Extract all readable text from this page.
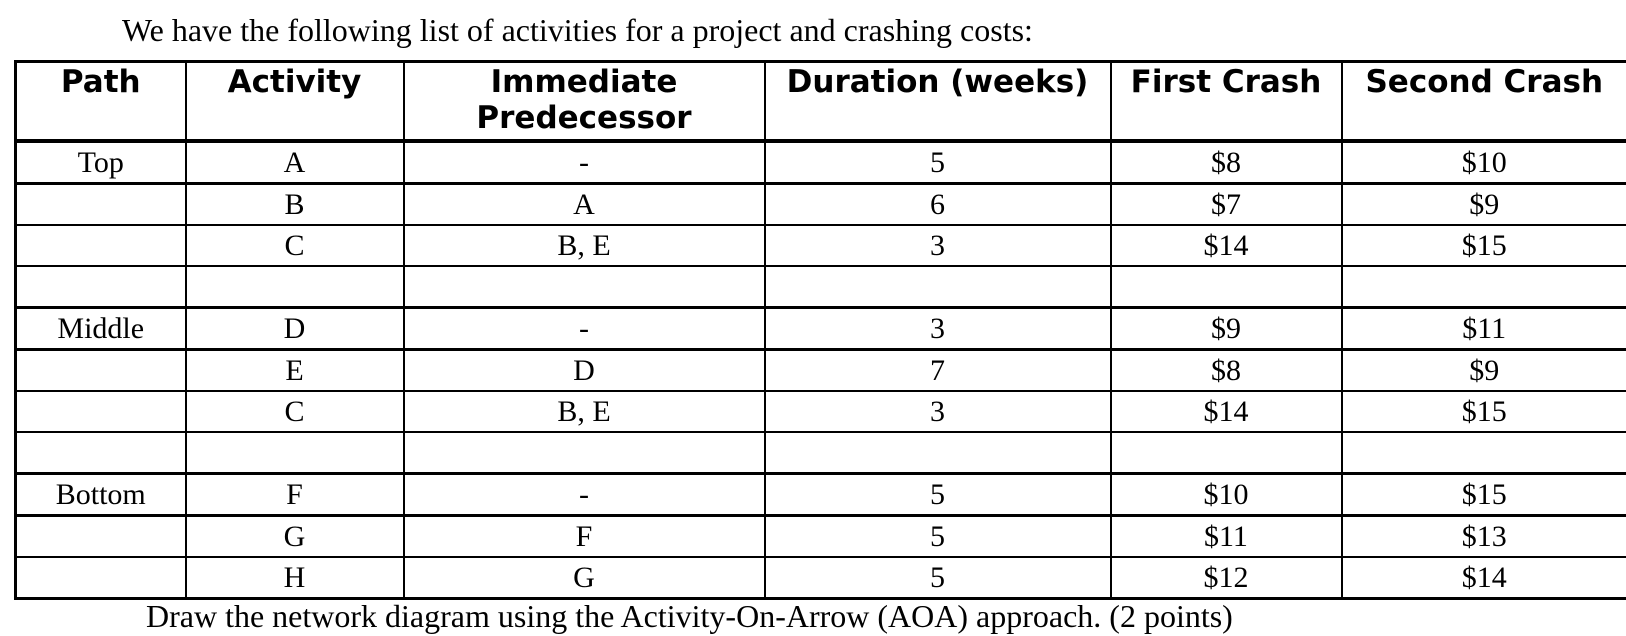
We have the following list of activities for a project and crashing costs:
Path	Activity	Immediate Predecessor	Duration (weeks)	First Crash	Second Crash
Top	A	-	5	$8	$10
	B	A	6	$7	$9
	C	B, E	3	$14	$15

Middle	D	-	3	$9	$11
	E	D	7	$8	$9
	C	B, E	3	$14	$15

Bottom	F	-	5	$10	$15
	G	F	5	$11	$13
	H	G	5	$12	$14
Draw the network diagram using the Activity-On-Arrow (AOA) approach. (2 points)
